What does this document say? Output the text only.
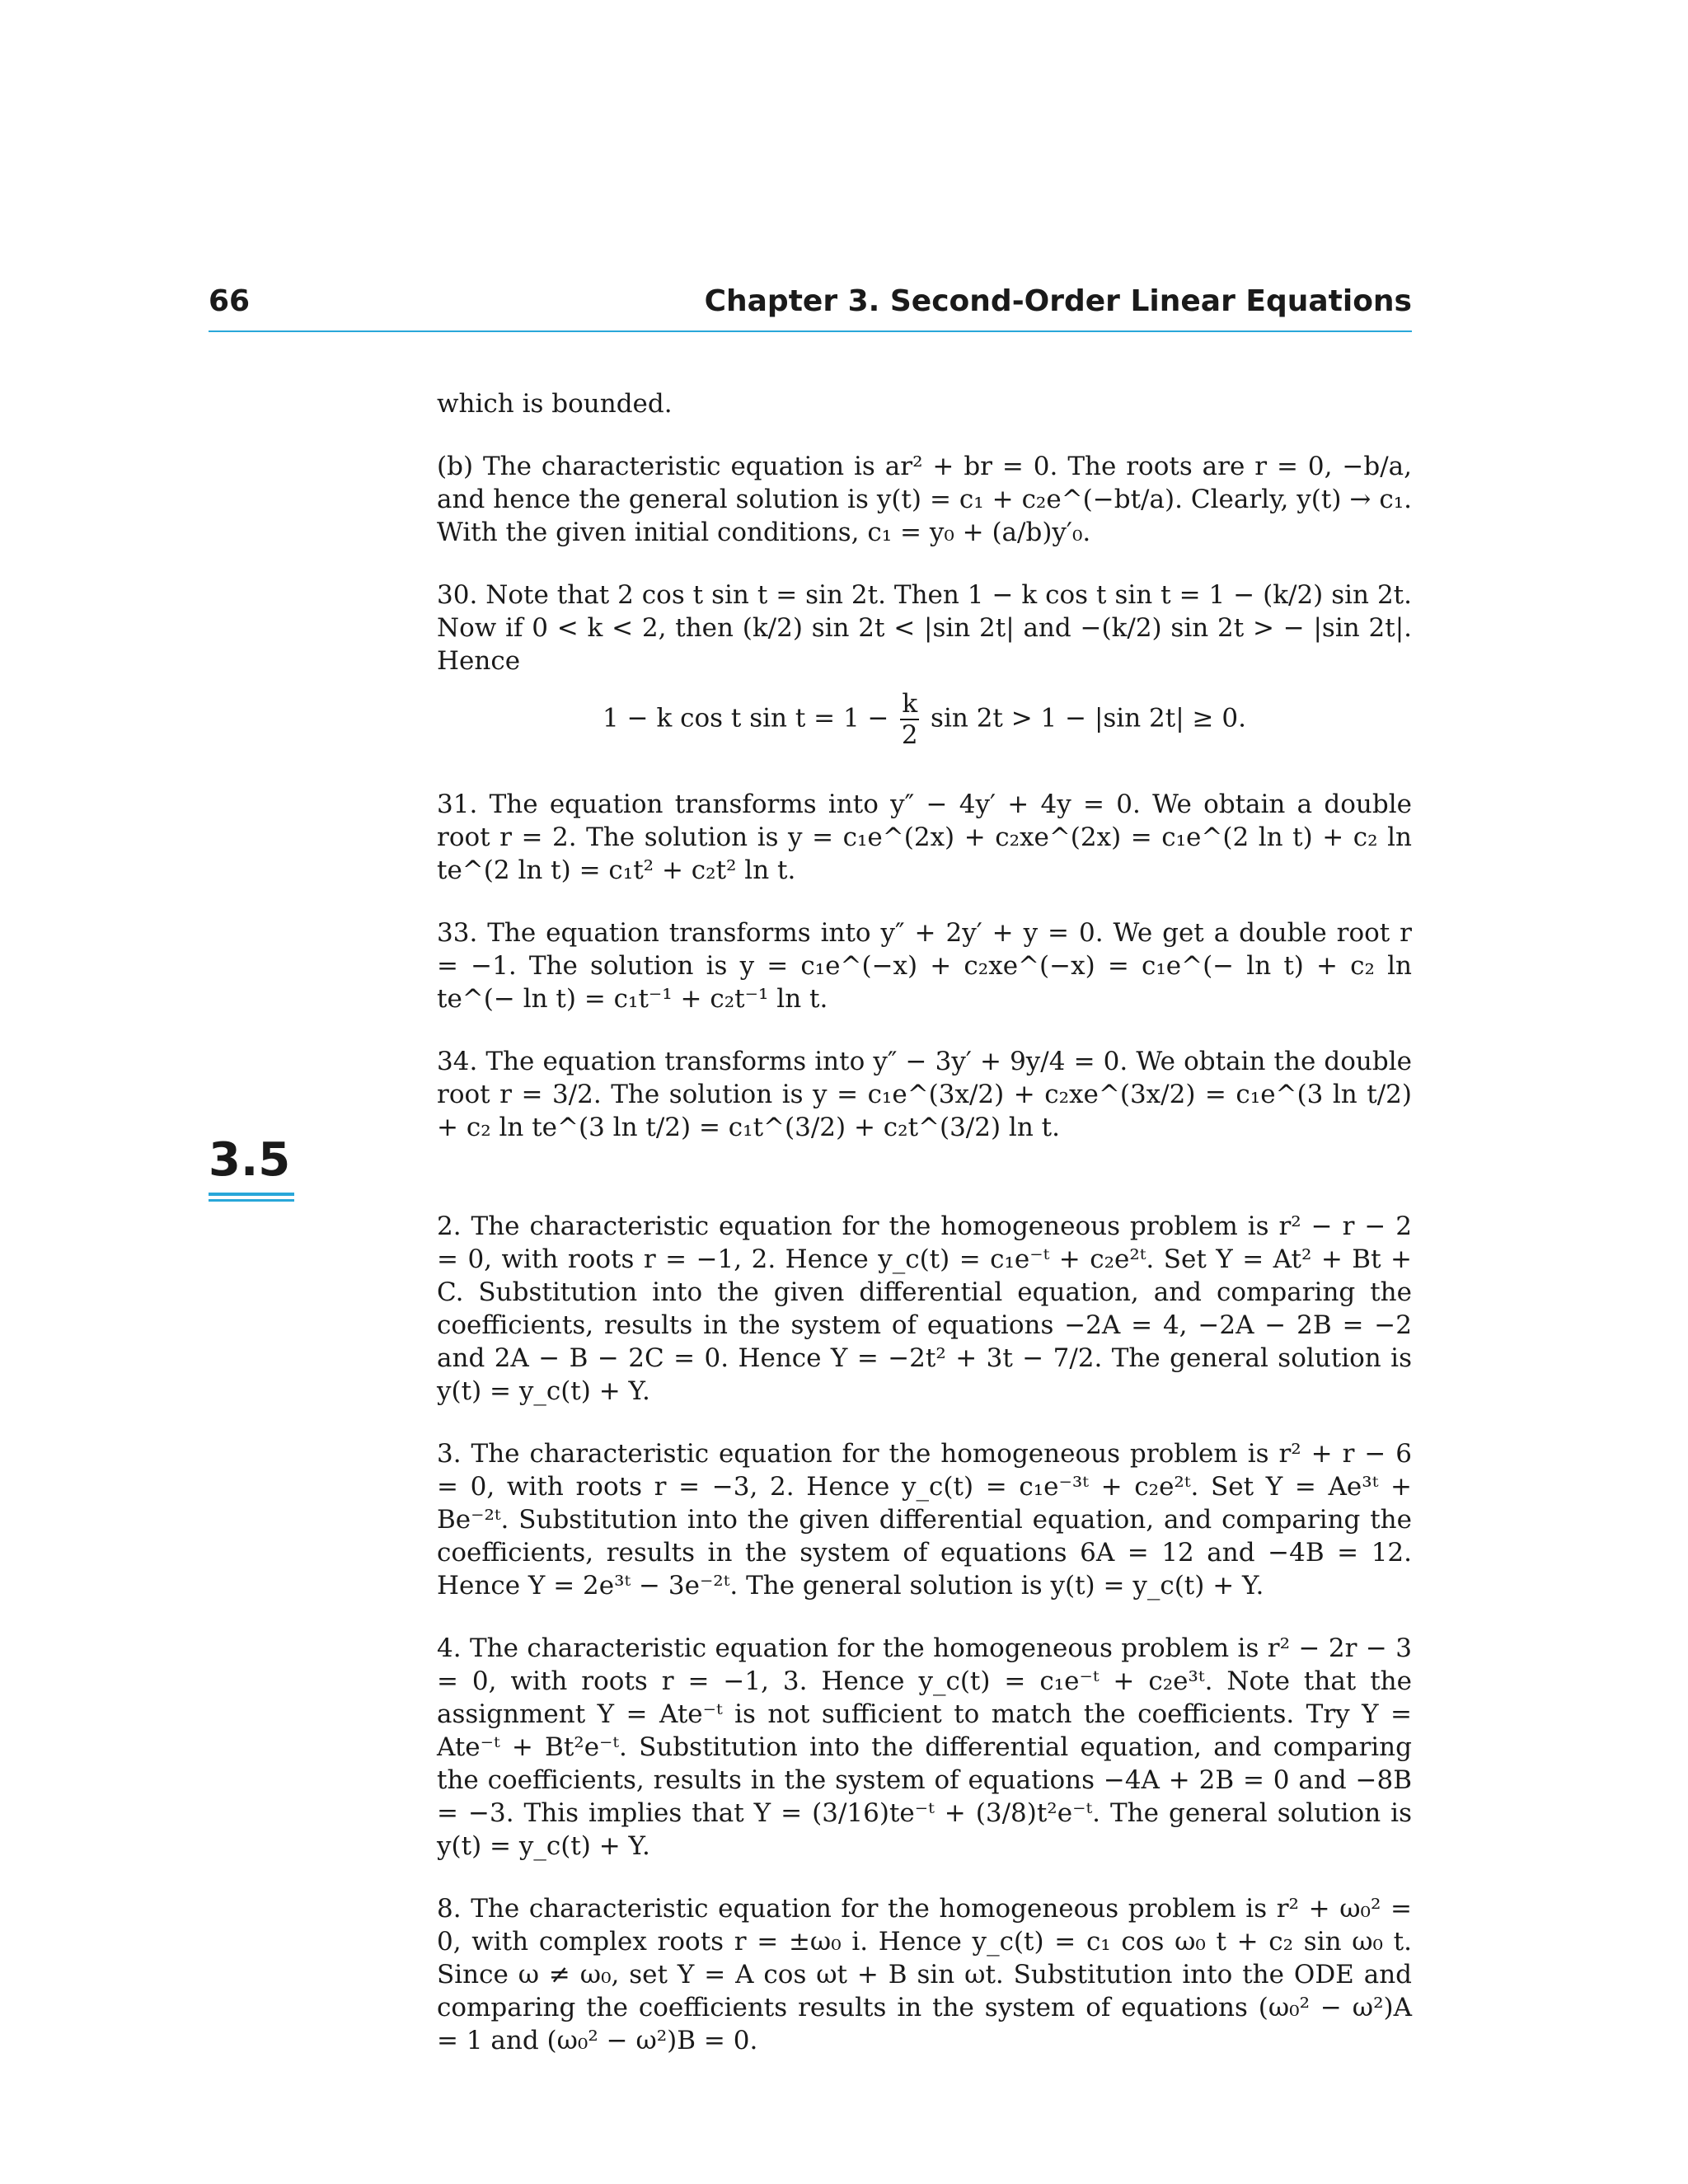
66	Chapter 3. Second-Order Linear Equations

which is bounded.

(b) The characteristic equation is ar² + br = 0. The roots are r = 0, −b/a, and hence the general solution is y(t) = c₁ + c₂e^(−bt/a). Clearly, y(t) → c₁. With the given initial conditions, c₁ = y₀ + (a/b)y′₀.

30. Note that 2 cos t sin t = sin 2t. Then 1 − k cos t sin t = 1 − (k/2) sin 2t. Now if 0 < k < 2, then (k/2) sin 2t < |sin 2t| and −(k/2) sin 2t > − |sin 2t|. Hence

1 − k cos t $\sin t = 1 - \frac{k}{2}$ sin 2t > 1 − |sin 2t| ≥ 0.

31. The equation transforms into y″ − 4y′ + 4y = 0. We obtain a double root r = 2. The solution is y = c₁e^(2x) + c₂xe^(2x) = c₁e^(2 ln t) + c₂ ln te^(2 ln t) = c₁t² + c₂t² ln t.

33. The equation transforms into y″ + 2y′ + y = 0. We get a double root r = −1. The solution is y = c₁e^(−x) + c₂xe^(−x) = c₁e^(− ln t) + c₂ ln te^(− ln t) = c₁t⁻¹ + c₂t⁻¹ ln t.

34. The equation transforms into y″ − 3y′ + 9y/4 = 0. We obtain the double root r = 3/2. The solution is y = c₁e^(3x/2) + c₂xe^(3x/2) = c₁e^(3 ln t/2) + c₂ ln te^(3 ln t/2) = c₁t^(3/2) + c₂t^(3/2) ln t.

3.5

2. The characteristic equation for the homogeneous problem is r² − r − 2 = 0, with roots r = −1, 2. Hence y_c(t) = c₁e⁻ᵗ + c₂e²ᵗ. Set Y = At² + Bt + C. Substitution into the given differential equation, and comparing the coefficients, results in the system of equations −2A = 4, −2A − 2B = −2 and 2A − B − 2C = 0. Hence Y = −2t² + 3t − 7/2. The general solution is y(t) = y_c(t) + Y.

3. The characteristic equation for the homogeneous problem is r² + r − 6 = 0, with roots r = −3, 2. Hence y_c(t) = c₁e⁻³ᵗ + c₂e²ᵗ. Set Y = Ae³ᵗ + Be⁻²ᵗ. Substitution into the given differential equation, and comparing the coefficients, results in the system of equations 6A = 12 and −4B = 12. Hence Y = 2e³ᵗ − 3e⁻²ᵗ. The general solution is y(t) = y_c(t) + Y.

4. The characteristic equation for the homogeneous problem is r² − 2r − 3 = 0, with roots r = −1, 3. Hence y_c(t) = c₁e⁻ᵗ + c₂e³ᵗ. Note that the assignment Y = Ate⁻ᵗ is not sufficient to match the coefficients. Try Y = Ate⁻ᵗ + Bt²e⁻ᵗ. Substitution into the differential equation, and comparing the coefficients, results in the system of equations −4A + 2B = 0 and −8B = −3. This implies that Y = (3/16)te⁻ᵗ + (3/8)t²e⁻ᵗ. The general solution is y(t) = y_c(t) + Y.

8. The characteristic equation for the homogeneous problem is r² + ω₀² = 0, with complex roots r = ±ω₀ i. Hence y_c(t) = c₁ cos ω₀ t + c₂ sin ω₀ t. Since ω ≠ ω₀, set Y = A cos ωt + B sin ωt. Substitution into the ODE and comparing the coefficients results in the system of equations (ω₀² − ω²)A = 1 and (ω₀² − ω²)B = 0.
